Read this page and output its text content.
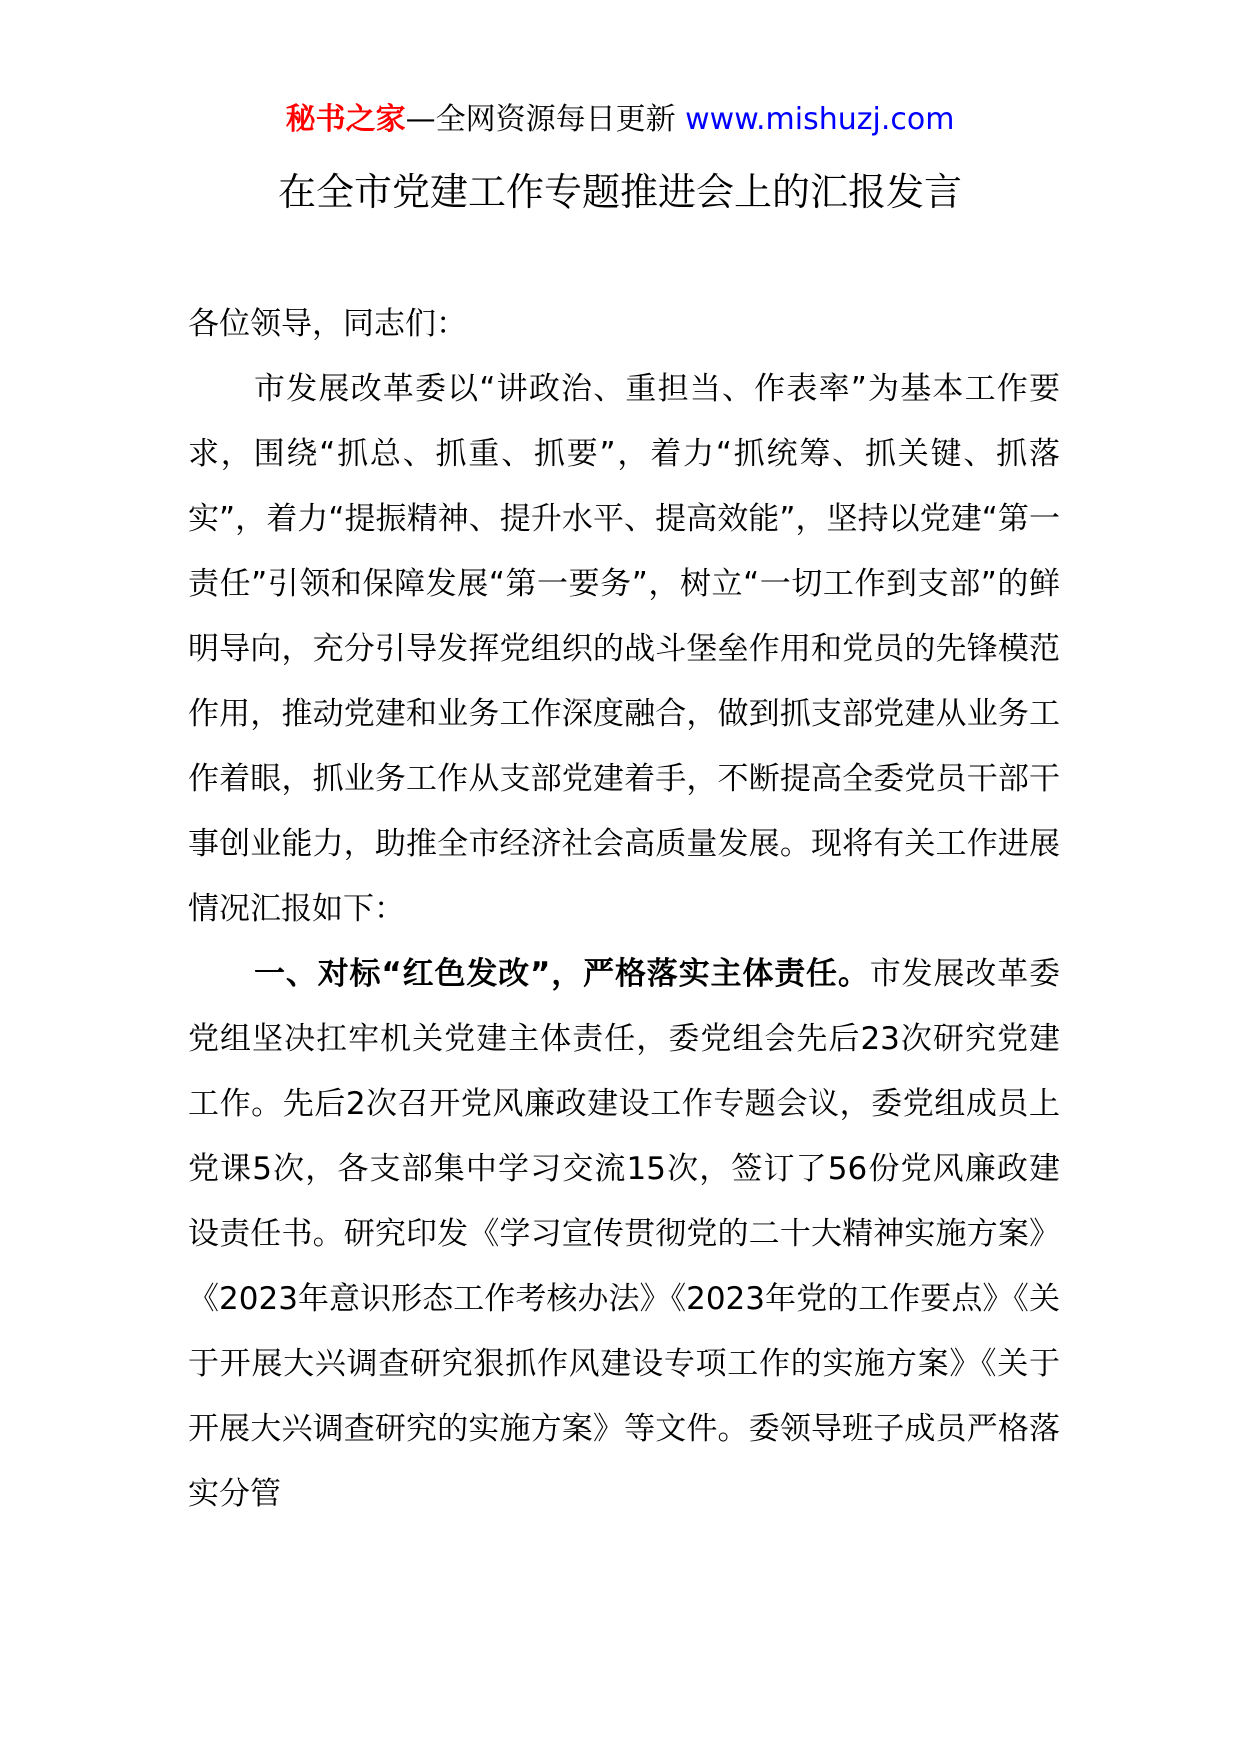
秘书之家—全网资源每日更新 www.mishuzj.com
在全市党建工作专题推进会上的汇报发言

各位领导，同志们：

市发展改革委以“讲政治、重担当、作表率”为基本工作要求，围绕“抓总、抓重、抓要”，着力“抓统筹、抓关键、抓落实”，着力“提振精神、提升水平、提高效能”，坚持以党建“第一责任”引领和保障发展“第一要务”，树立“一切工作到支部”的鲜明导向，充分引导发挥党组织的战斗堡垒作用和党员的先锋模范作用，推动党建和业务工作深度融合，做到抓支部党建从业务工作着眼，抓业务工作从支部党建着手，不断提高全委党员干部干事创业能力，助推全市经济社会高质量发展。现将有关工作进展情况汇报如下：

一、对标“红色发改”，严格落实主体责任。市发展改革委党组坚决扛牢机关党建主体责任，委党组会先后23次研究党建工作。先后2次召开党风廉政建设工作专题会议，委党组成员上党课5次，各支部集中学习交流15次，签订了56份党风廉政建设责任书。研究印发《学习宣传贯彻党的二十大精神实施方案》《2023年意识形态工作考核办法》《2023年党的工作要点》《关于开展大兴调查研究狠抓作风建设专项工作的实施方案》《关于开展大兴调查研究的实施方案》等文件。委领导班子成员严格落实分管
